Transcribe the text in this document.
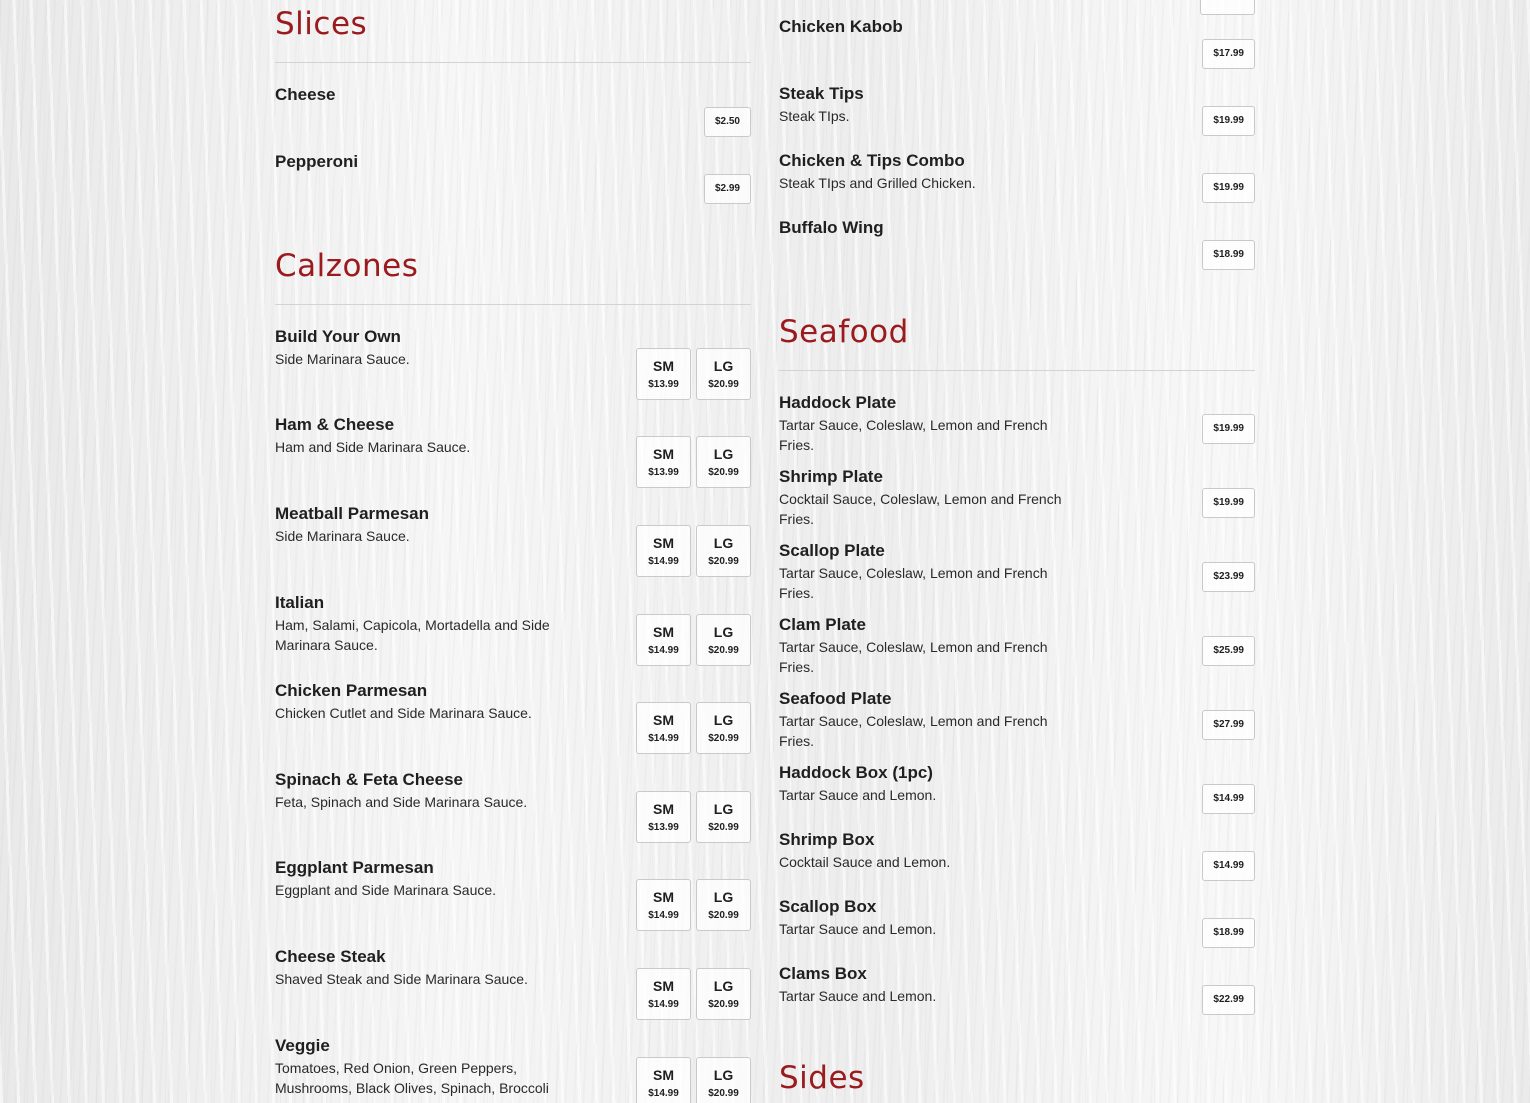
Slices
Cheese
$2.50
Pepperoni
$2.99
Calzones
Build Your Own
Side Marinara Sauce.	SM
$13.99
LG
$20.99
Ham & Cheese
Ham and Side Marinara Sauce.	SM
$13.99
LG
$20.99
Meatball Parmesan
Side Marinara Sauce.	SM
$14.99
LG
$20.99
Italian
Ham, Salami, Capicola, Mortadella and Side Marinara Sauce.
SM
$14.99
LG
$20.99
Chicken Parmesan
Chicken Cutlet and Side Marinara Sauce.	SM
$14.99
LG
$20.99
Spinach & Feta Cheese
Feta, Spinach and Side Marinara Sauce.	SM
$13.99
LG
$20.99
Eggplant Parmesan
Eggplant and Side Marinara Sauce.	SM
$14.99
LG
$20.99
Cheese Steak
Shaved Steak and Side Marinara Sauce.	SM
$14.99
LG
$20.99
Veggie
Tomatoes, Red Onion, Green Peppers, Mushrooms, Black Olives, Spinach, Broccoli
SM
$14.99
LG
$20.99
Chicken Kabob
$17.99
Steak Tips
Steak TIps.	$19.99
Chicken & Tips Combo
Steak TIps and Grilled Chicken.	$19.99
Buffalo Wing
$18.99
Seafood
Haddock Plate
Tartar Sauce, Coleslaw, Lemon and French Fries.
$19.99
Shrimp Plate
Cocktail Sauce, Coleslaw, Lemon and French Fries.
$19.99
Scallop Plate
Tartar Sauce, Coleslaw, Lemon and French Fries.
$23.99
Clam Plate
Tartar Sauce, Coleslaw, Lemon and French Fries.
$25.99
Seafood Plate
Tartar Sauce, Coleslaw, Lemon and French Fries.
$27.99
Haddock Box (1pc)
Tartar Sauce and Lemon.	$14.99
Shrimp Box
Cocktail Sauce and Lemon.	$14.99
Scallop Box
Tartar Sauce and Lemon.	$18.99
Clams Box
Tartar Sauce and Lemon.	$22.99
Sides
